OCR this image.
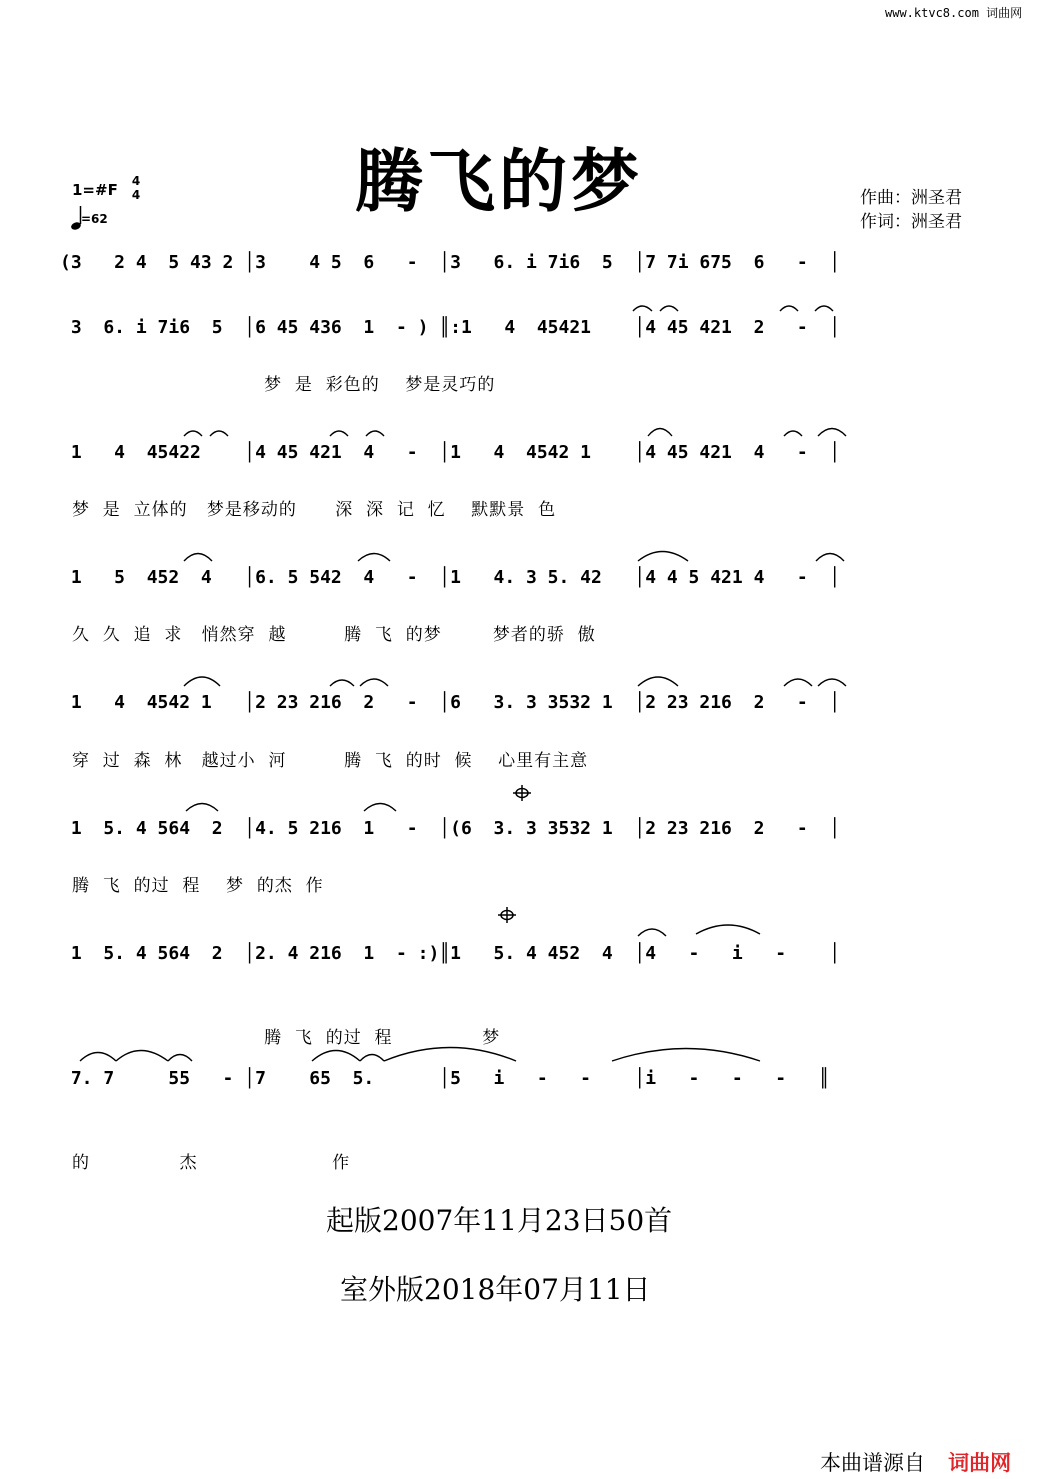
www.ktvc8.com 词曲网
腾飞的梦
1=#F 4
4
=62
作曲：洲圣君
作词：洲圣君
(3   2 4  5 43 2 │3    4 5  6   -  │3   6. i 7i6  5  │7 7i 675  6   -  │
3  6. i 7i6  5  │6 45 436  1  - ) ║:1   4  45421    │4 45 421  2   -  │
梦  是  彩色的    梦是灵巧的
1   4  45422    │4 45 421  4   -  │1   4  4542 1    │4 45 421  4   -  │
梦  是  立体的   梦是移动的      深  深  记  忆    默默景  色
1   5  452  4   │6. 5 542  4   -  │1   4. 3 5. 42   │4 4 5 421 4   -  │
久  久  追  求   悄然穿  越         腾  飞  的梦        梦者的骄  傲
1   4  4542 1   │2 23 216  2   -  │6   3. 3 3532 1  │2 23 216  2   -  │
穿  过  森  林   越过小  河         腾  飞  的时  候    心里有主意
1  5. 4 564  2  │4. 5 216  1   -  │(6  3. 3 3532 1  │2 23 216  2   -  │
腾  飞  的过  程    梦  的杰  作
1  5. 4 564  2  │2. 4 216  1  - :)║1   5. 4 452  4  │4   -   i   -    │
腾  飞  的过  程              梦
7. 7     55   - │7    65  5.      │5   i   -   -    │i   -   -   -   ║
的              杰                     作
起版2007年11月23日50首
室外版2018年07月11日
本曲谱源自 词曲网
